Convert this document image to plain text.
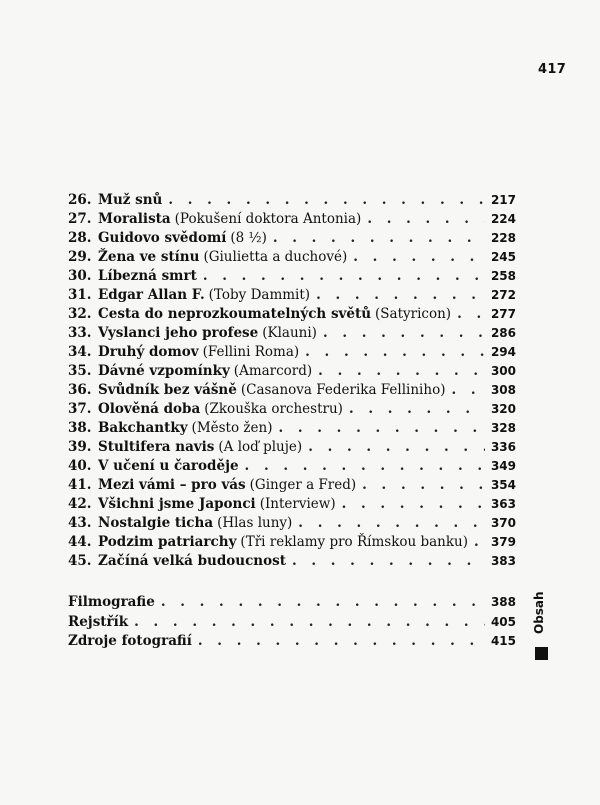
417
26. Muž snů . . .	217
27. Moralista (Pokušení doktora Antonia) . . .	224
28. Guidovo svědomí (8 ½) . . .	228
29. Žena ve stínu (Giulietta a duchové) . . .	245
30. Líbezná smrt . . .	258
31. Edgar Allan F. (Toby Dammit) . . .	272
32. Cesta do neprozkoumatelných světů (Satyricon) . . .	277
33. Vyslanci jeho profese (Klauni) . . .	286
34. Druhý domov (Fellini Roma) . . .	294
35. Dávné vzpomínky (Amarcord) . . .	300
36. Svůdník bez vášně (Casanova Federika Felliniho) . . .	308
37. Olověná doba (Zkouška orchestru) . . .	320
38. Bakchantky (Město žen) . . .	328
39. Stultifera navis (A loď pluje) . . .	336
40. V učení u čaroděje . . .	349
41. Mezi vámi – pro vás (Ginger a Fred) . . .	354
42. Všichni jsme Japonci (Interview) . . .	363
43. Nostalgie ticha (Hlas luny) . . .	370
44. Podzim patriarchy (Tři reklamy pro Římskou banku) . . . 379
45. Začíná velká budoucnost . . .	383
Filmografie . . .	388
Rejstřík . . .	405
Zdroje fotografií . . .	415
Obsah
